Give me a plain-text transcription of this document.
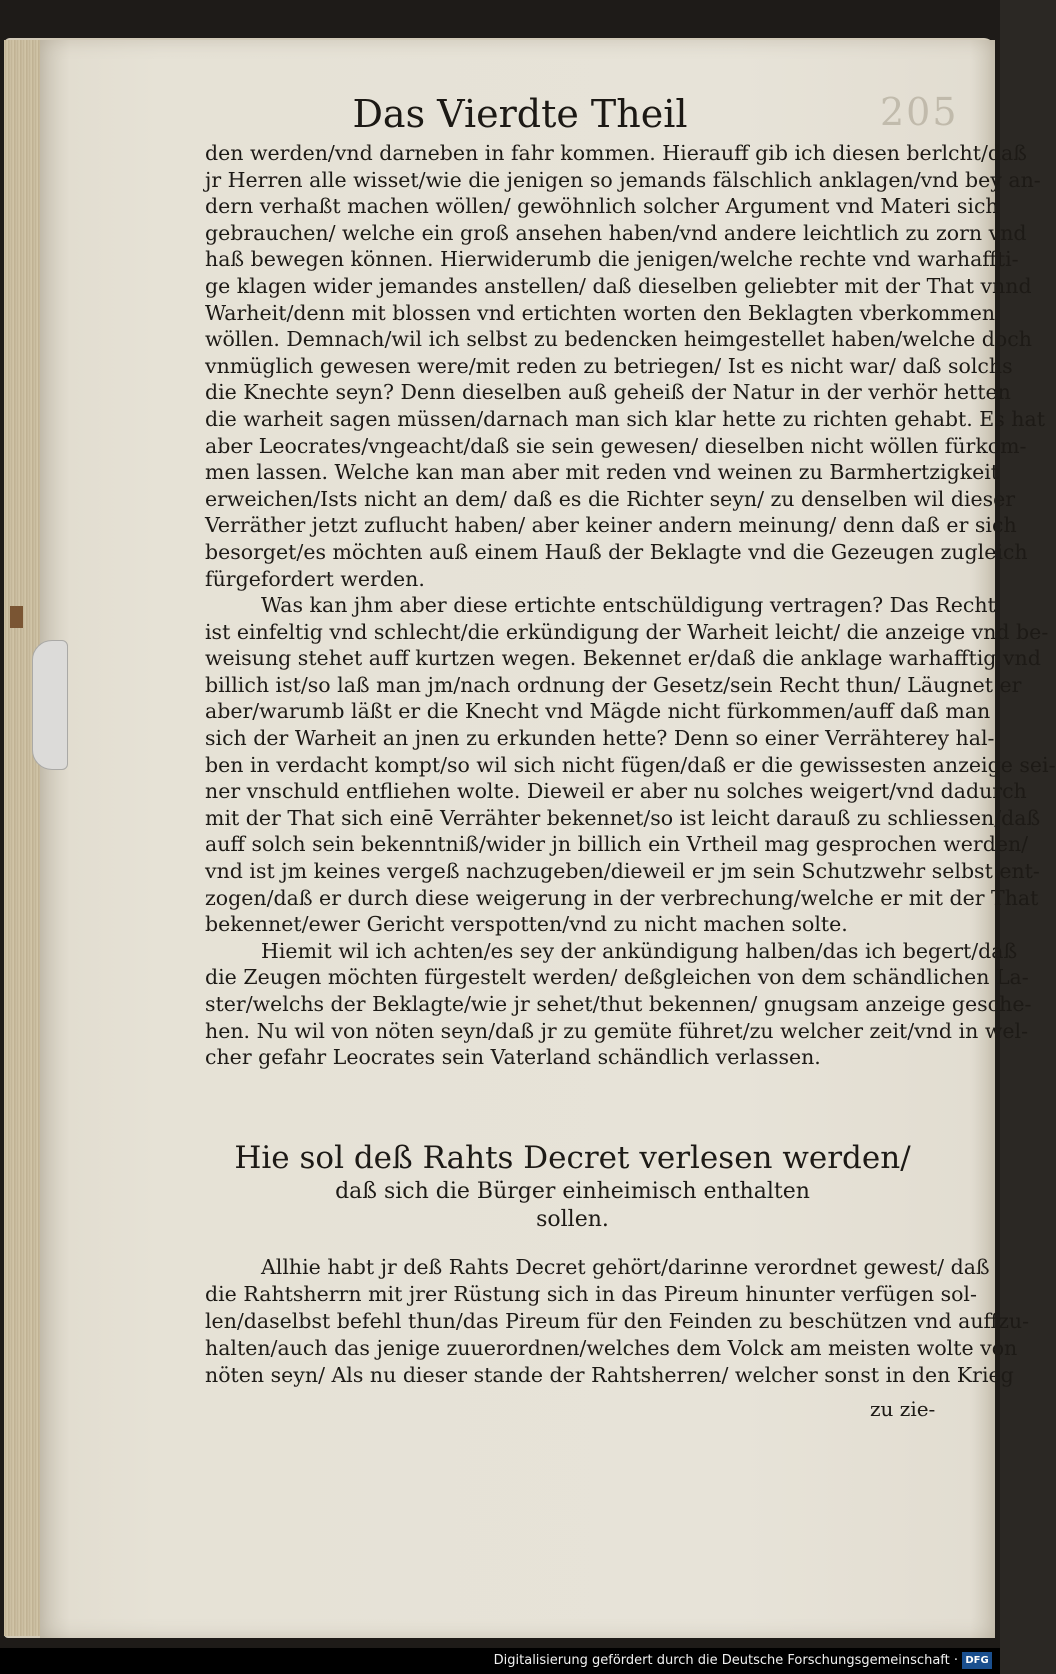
205
Das Vierdte Theil
den werden/vnd darneben in fahr kommen. Hierauff gib ich diesen berlcht/daß
jr Herren alle wisset/wie die jenigen so jemands fälschlich anklagen/vnd bey an-
dern verhaßt machen wöllen/ gewöhnlich solcher Argument vnd Materi sich
gebrauchen/ welche ein groß ansehen haben/vnd andere leichtlich zu zorn vnd
haß bewegen können. Hierwiderumb die jenigen/welche rechte vnd warhaffti-
ge klagen wider jemandes anstellen/ daß dieselben geliebter mit der That vnnd
Warheit/denn mit blossen vnd ertichten worten den Beklagten vberkommen
wöllen. Demnach/wil ich selbst zu bedencken heimgestellet haben/welche doch
vnmüglich gewesen were/mit reden zu betriegen/ Ist es nicht war/ daß solchs
die Knechte seyn? Denn dieselben auß geheiß der Natur in der verhör hetten
die warheit sagen müssen/darnach man sich klar hette zu richten gehabt. Es hat
aber Leocrates/vngeacht/daß sie sein gewesen/ dieselben nicht wöllen fürkom-
men lassen. Welche kan man aber mit reden vnd weinen zu Barmhertzigkeit
erweichen/Ists nicht an dem/ daß es die Richter seyn/ zu denselben wil dieser
Verräther jetzt zuflucht haben/ aber keiner andern meinung/ denn daß er sich
besorget/es möchten auß einem Hauß der Beklagte vnd die Gezeugen zugleich
fürgefordert werden.
Was kan jhm aber diese ertichte entschüldigung vertragen? Das Recht
ist einfeltig vnd schlecht/die erkündigung der Warheit leicht/ die anzeige vnd be-
weisung stehet auff kurtzen wegen. Bekennet er/daß die anklage warhafftig vnd
billich ist/so laß man jm/nach ordnung der Gesetz/sein Recht thun/ Läugnet er
aber/warumb läßt er die Knecht vnd Mägde nicht fürkommen/auff daß man
sich der Warheit an jnen zu erkunden hette? Denn so einer Verrähterey hal-
ben in verdacht kompt/so wil sich nicht fügen/daß er die gewissesten anzeige sei-
ner vnschuld entfliehen wolte. Dieweil er aber nu solches weigert/vnd dadurch
mit der That sich einē Verrähter bekennet/so ist leicht darauß zu schliessen/daß
auff solch sein bekenntniß/wider jn billich ein Vrtheil mag gesprochen werden/
vnd ist jm keines vergeß nachzugeben/dieweil er jm sein Schutzwehr selbst ent-
zogen/daß er durch diese weigerung in der verbrechung/welche er mit der That
bekennet/ewer Gericht verspotten/vnd zu nicht machen solte.
Hiemit wil ich achten/es sey der ankündigung halben/das ich begert/daß
die Zeugen möchten fürgestelt werden/ deßgleichen von dem schändlichen La-
ster/welchs der Beklagte/wie jr sehet/thut bekennen/ gnugsam anzeige gesche-
hen. Nu wil von nöten seyn/daß jr zu gemüte führet/zu welcher zeit/vnd in wel-
cher gefahr Leocrates sein Vaterland schändlich verlassen.
Hie sol deß Rahts Decret verlesen werden/
daß sich die Bürger einheimisch enthalten
sollen.
Allhie habt jr deß Rahts Decret gehört/darinne verordnet gewest/ daß
die Rahtsherrn mit jrer Rüstung sich in das Pireum hinunter verfügen sol-
len/daselbst befehl thun/das Pireum für den Feinden zu beschützen vnd auffzu-
halten/auch das jenige zuuerordnen/welches dem Volck am meisten wolte von
nöten seyn/ Als nu dieser stande der Rahtsherren/ welcher sonst in den Krieg
zu zie-
Digitalisierung gefördert durch die Deutsche Forschungsgemeinschaft · DFG
